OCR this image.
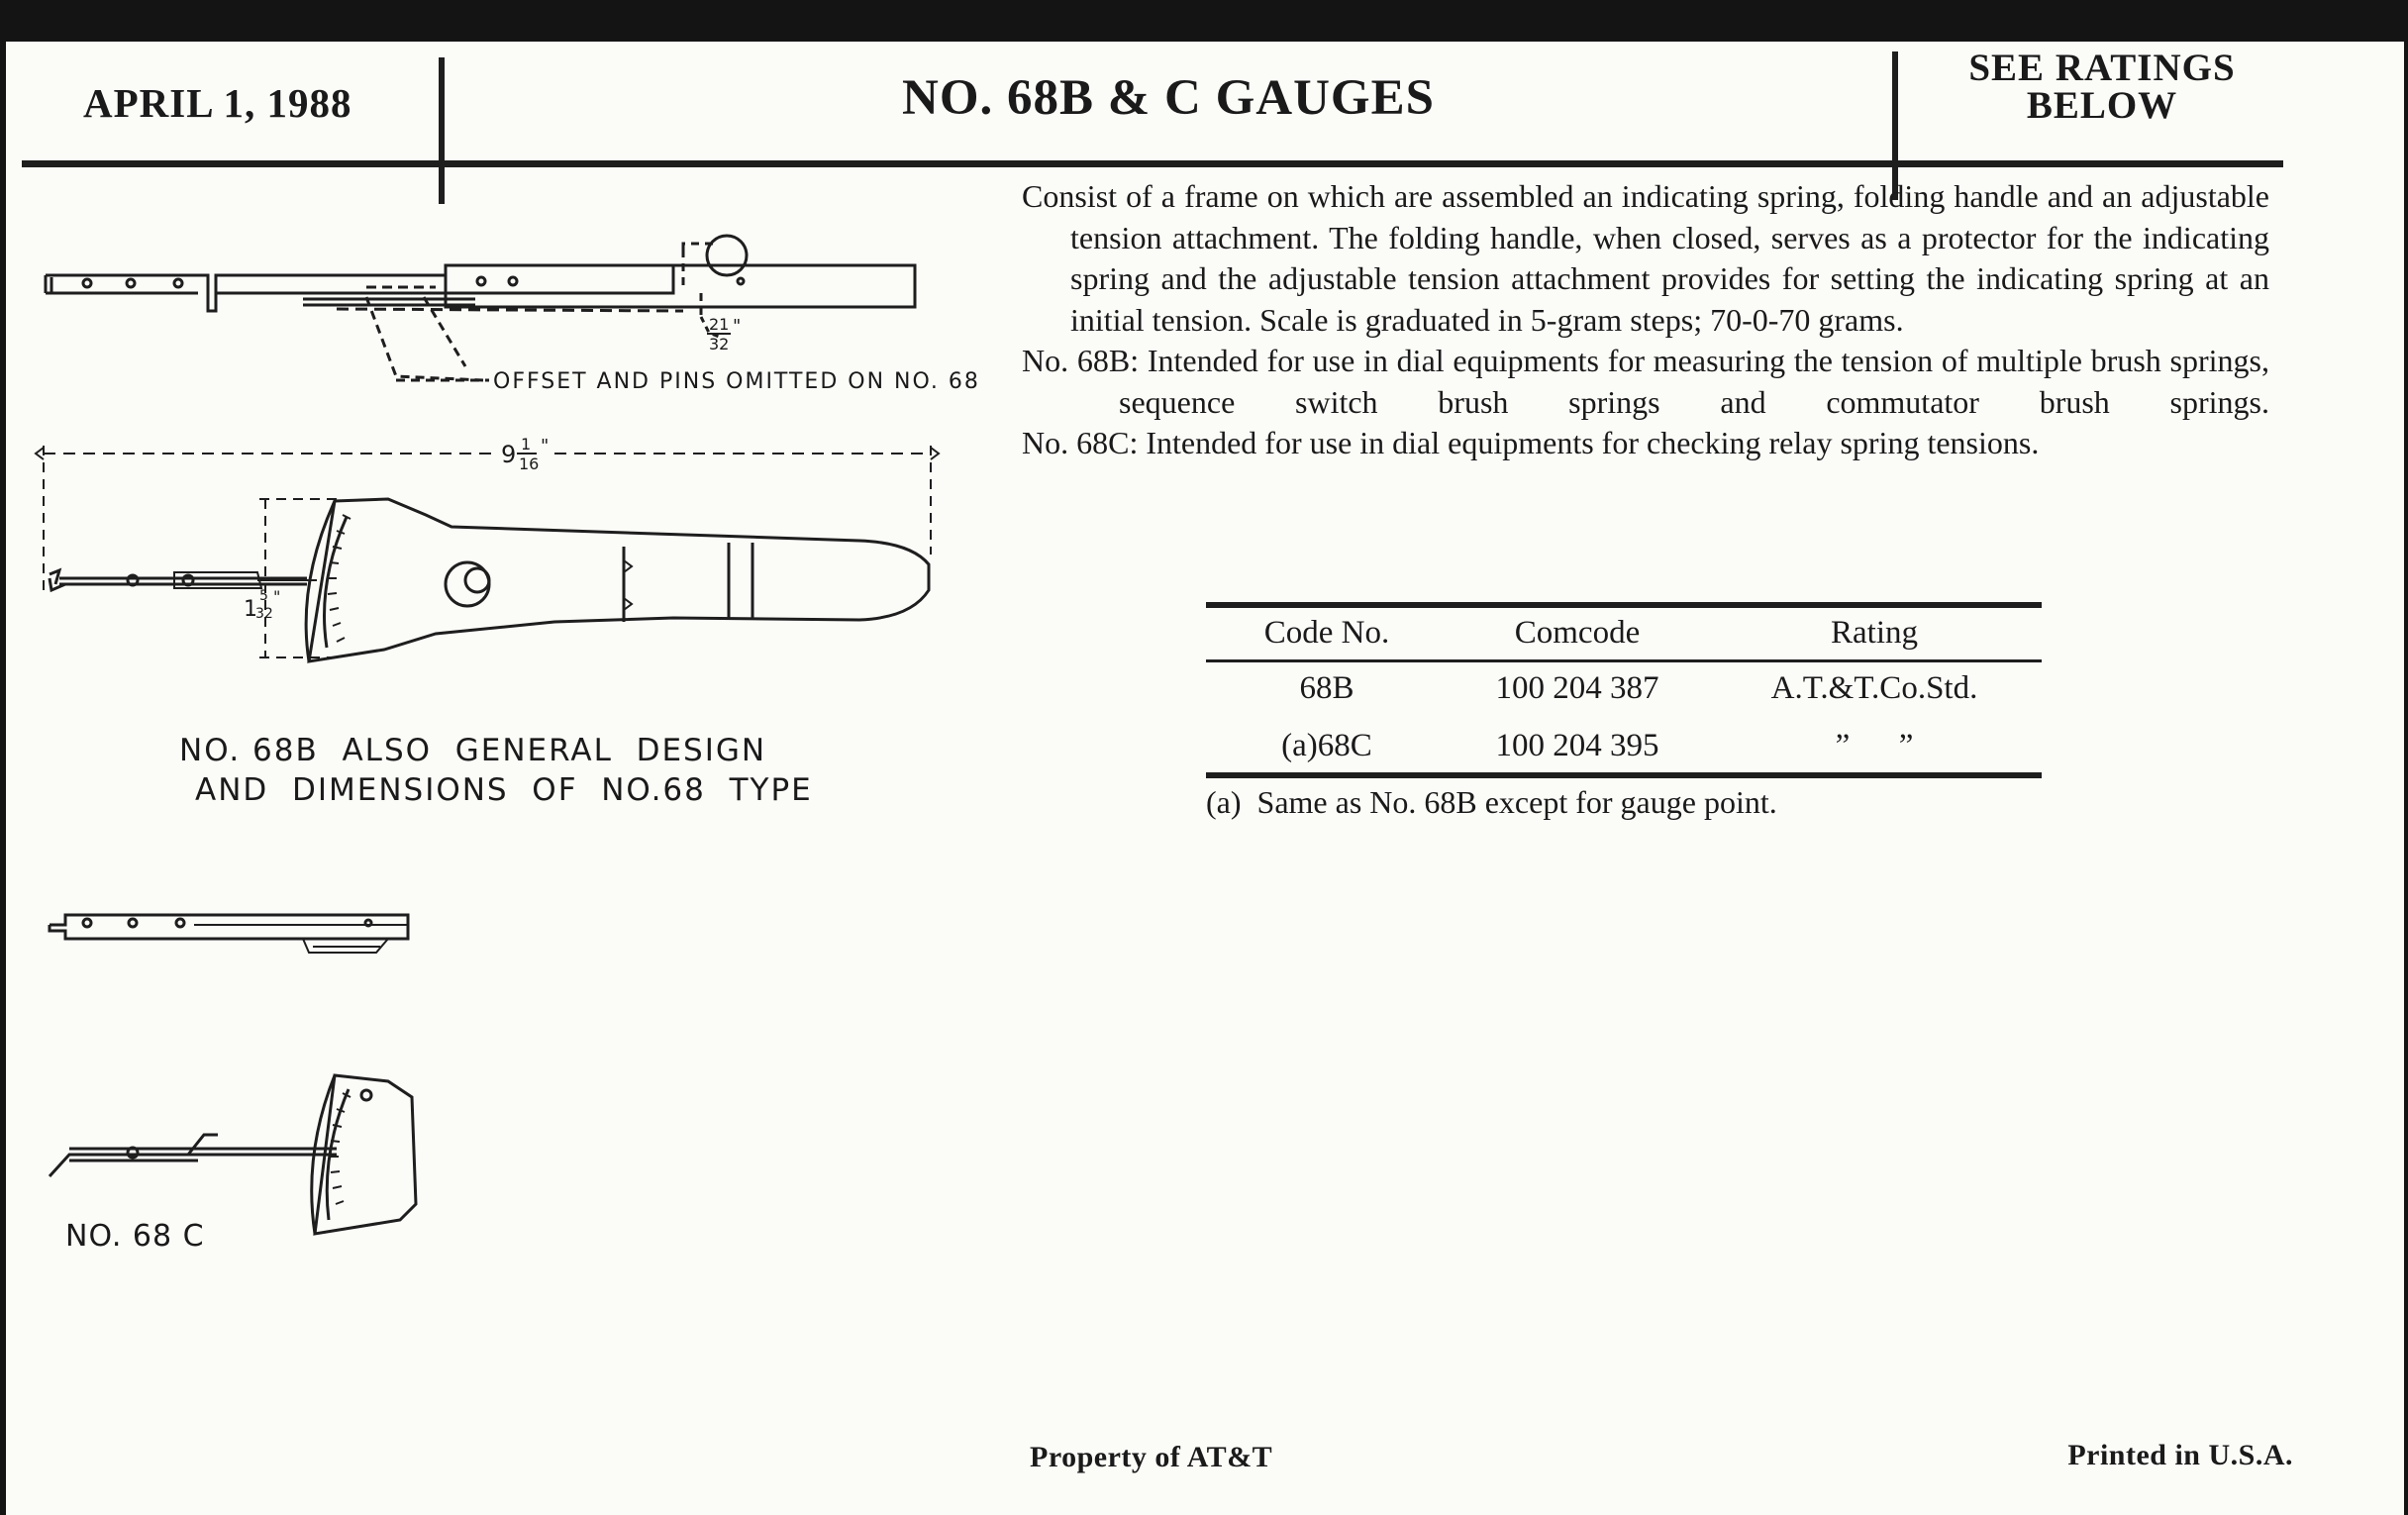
APRIL 1, 1988	NO. 68B & C GAUGES
SEE RATINGS
BELOW

Consist of a frame on which are assembled an indicating spring, folding handle and an adjustable tension attachment. The folding handle, when closed, serves as a protector for the indicating spring and the adjustable tension attachment provides for setting the indicating spring at an initial tension. Scale is graduated in 5-gram steps; 70-0-70 grams.

No. 68B: Intended for use in dial equipments for measuring the tension of multiple brush springs, sequence switch brush springs and commutator brush springs.

No. 68C: Intended for use in dial equipments for checking relay spring tensions.

Code No.	Comcode	Rating
68B	100 204 387	A.T.&T.Co.Std.
(a)68C	100 204 395	”      ”
(a)  Same as No. 68B except for gauge point.
OFFSET AND PINS OMITTED ON NO. 68
21
32
"
9 1
16
"
1
5
32
"
NO. 68B  ALSO  GENERAL  DESIGN
AND  DIMENSIONS  OF  NO.68  TYPE
NO. 68 C
Property of AT&T	Printed in U.S.A.
